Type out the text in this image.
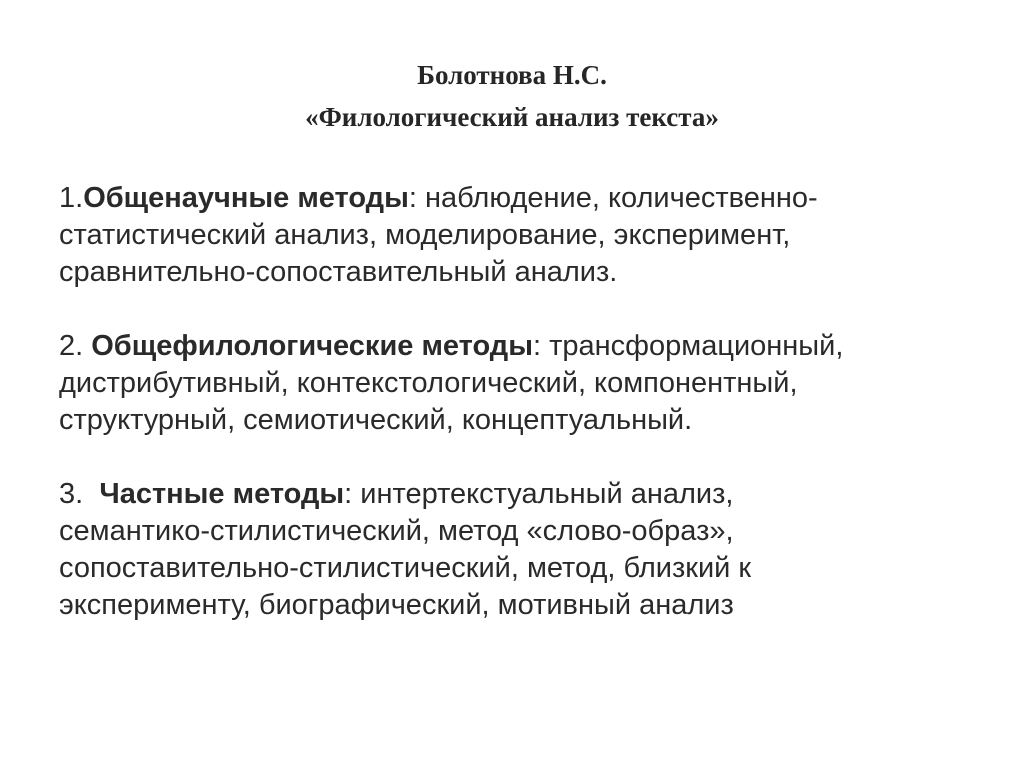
Болотнова Н.С.
«Филологический анализ текста»
1.Общенаучные методы: наблюдение, количественно-
статистический анализ, моделирование, эксперимент,
сравнительно-сопоставительный анализ.
2. Общефилологические методы: трансформационный,
дистрибутивный, контекстологический, компонентный,
структурный, семиотический, концептуальный.
3.  Частные методы: интертекстуальный анализ,
семантико-стилистический, метод «слово-образ»,
сопоставительно-стилистический, метод, близкий к
эксперименту, биографический, мотивный анализ
